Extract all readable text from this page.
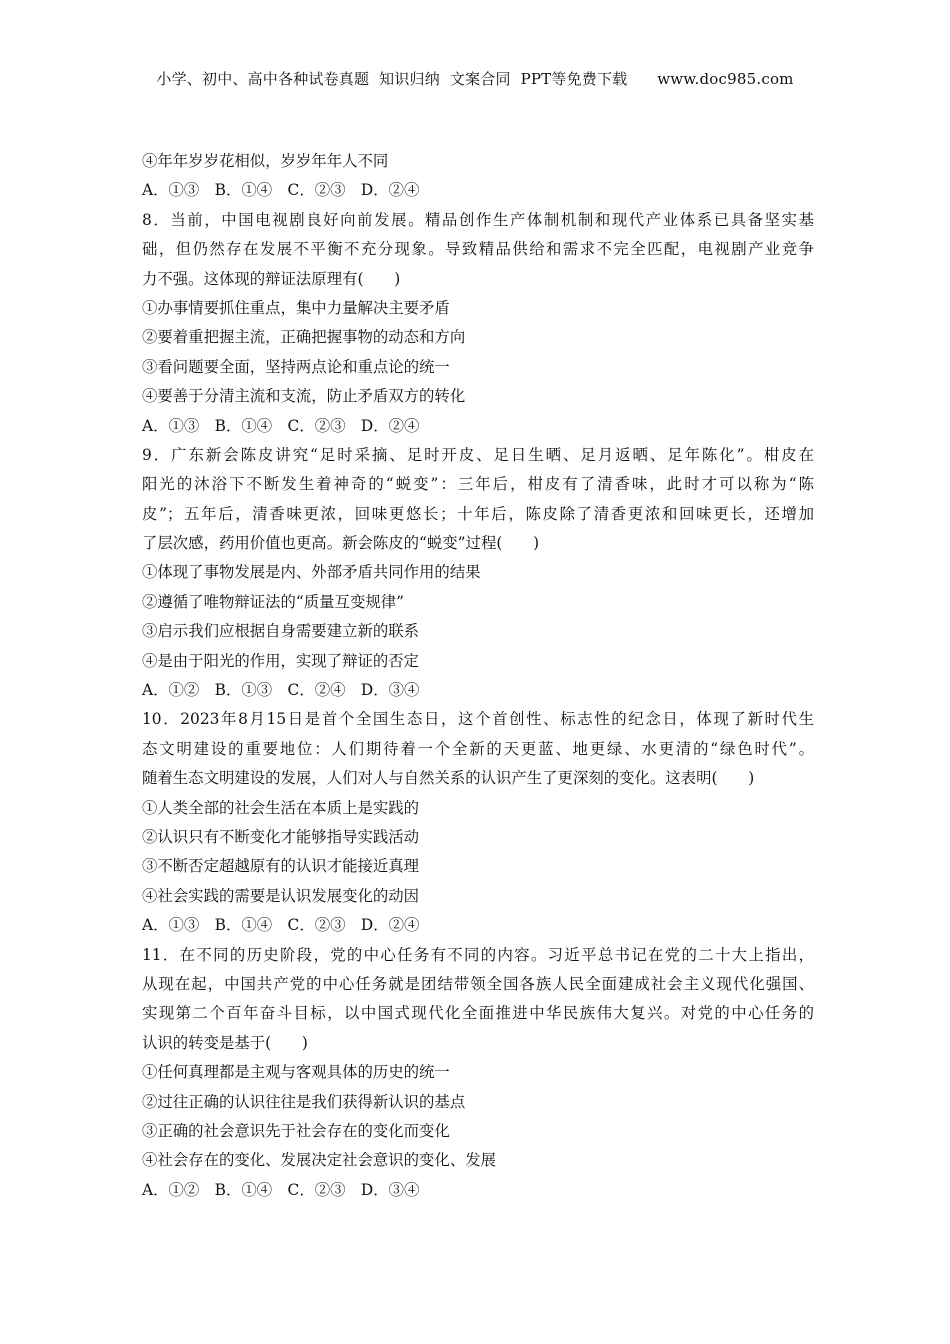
小学、初中、高中各种试卷真题  知识归纳  文案合同  PPT等免费下载      www.doc985.com
④年年岁岁花相似，岁岁年年人不同
A．①③　B．①④　C．②③　D．②④
8．当前，中国电视剧良好向前发展。精品创作生产体制机制和现代产业体系已具备坚实基
础，但仍然存在发展不平衡不充分现象。导致精品供给和需求不完全匹配，电视剧产业竞争
力不强。这体现的辩证法原理有(　　)
①办事情要抓住重点，集中力量解决主要矛盾
②要着重把握主流，正确把握事物的动态和方向
③看问题要全面，坚持两点论和重点论的统一
④要善于分清主流和支流，防止矛盾双方的转化
A．①③　B．①④　C．②③　D．②④
9．广东新会陈皮讲究“足时采摘、足时开皮、足日生晒、足月返晒、足年陈化”。柑皮在
阳光的沐浴下不断发生着神奇的“蜕变”：三年后，柑皮有了清香味，此时才可以称为“陈
皮”；五年后，清香味更浓，回味更悠长；十年后，陈皮除了清香更浓和回味更长，还增加
了层次感，药用价值也更高。新会陈皮的“蜕变”过程(　　)
①体现了事物发展是内、外部矛盾共同作用的结果
②遵循了唯物辩证法的“质量互变规律”
③启示我们应根据自身需要建立新的联系
④是由于阳光的作用，实现了辩证的否定
A．①②　B．①③　C．②④　D．③④
10．2023年8月15日是首个全国生态日，这个首创性、标志性的纪念日，体现了新时代生
态文明建设的重要地位：人们期待着一个全新的天更蓝、地更绿、水更清的“绿色时代”。
随着生态文明建设的发展，人们对人与自然关系的认识产生了更深刻的变化。这表明(　　)
①人类全部的社会生活在本质上是实践的
②认识只有不断变化才能够指导实践活动
③不断否定超越原有的认识才能接近真理
④社会实践的需要是认识发展变化的动因
A．①③　B．①④　C．②③　D．②④
11．在不同的历史阶段，党的中心任务有不同的内容。习近平总书记在党的二十大上指出，
从现在起，中国共产党的中心任务就是团结带领全国各族人民全面建成社会主义现代化强国、
实现第二个百年奋斗目标，以中国式现代化全面推进中华民族伟大复兴。对党的中心任务的
认识的转变是基于(　　)
①任何真理都是主观与客观具体的历史的统一
②过往正确的认识往往是我们获得新认识的基点
③正确的社会意识先于社会存在的变化而变化
④社会存在的变化、发展决定社会意识的变化、发展
A．①②　B．①④　C．②③　D．③④
